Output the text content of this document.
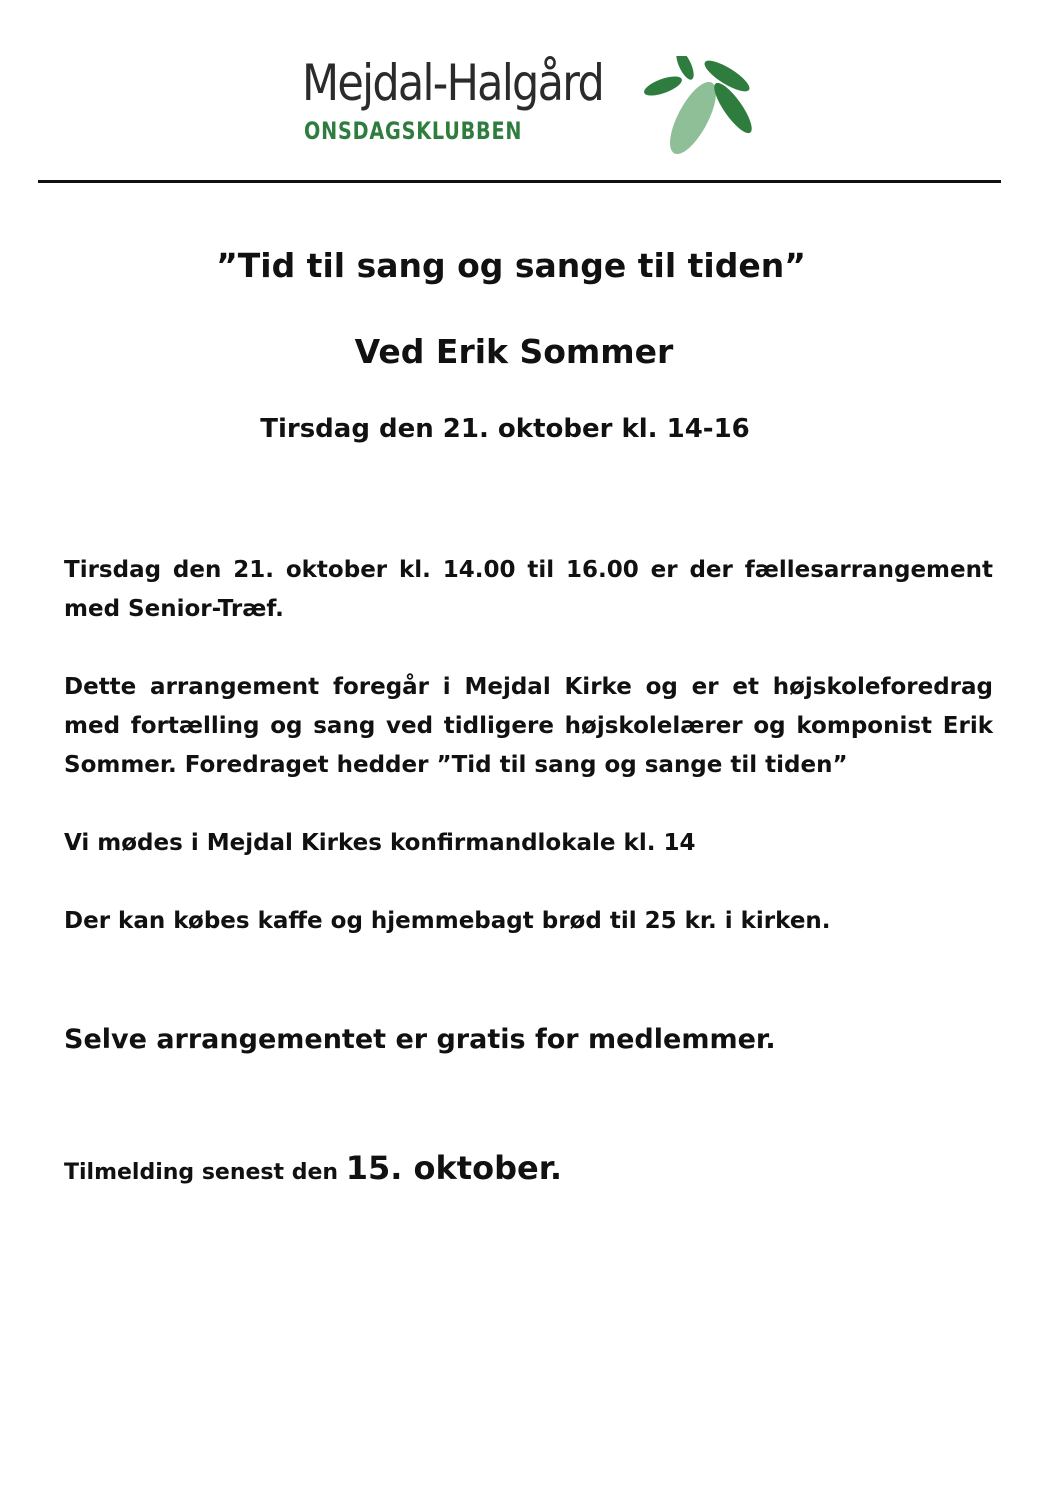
Mejdal-Halgård
ONSDAGSKLUBBEN
”Tid til sang og sange til tiden”
Ved Erik Sommer
Tirsdag den 21. oktober kl. 14-16

Tirsdag den 21. oktober kl. 14.00 til 16.00 er der fællesarrangement med Senior-Træf.

Dette arrangement foregår i Mejdal Kirke og er et højskoleforedrag med fortælling og sang ved tidligere højskolelærer og komponist Erik Sommer. Foredraget hedder ”Tid til sang og sange til tiden”

Vi mødes i Mejdal Kirkes konfirmandlokale kl. 14

Der kan købes kaffe og hjemmebagt brød til 25 kr. i kirken.

Selve arrangementet er gratis for medlemmer.

Tilmelding senest den 15. oktober.
